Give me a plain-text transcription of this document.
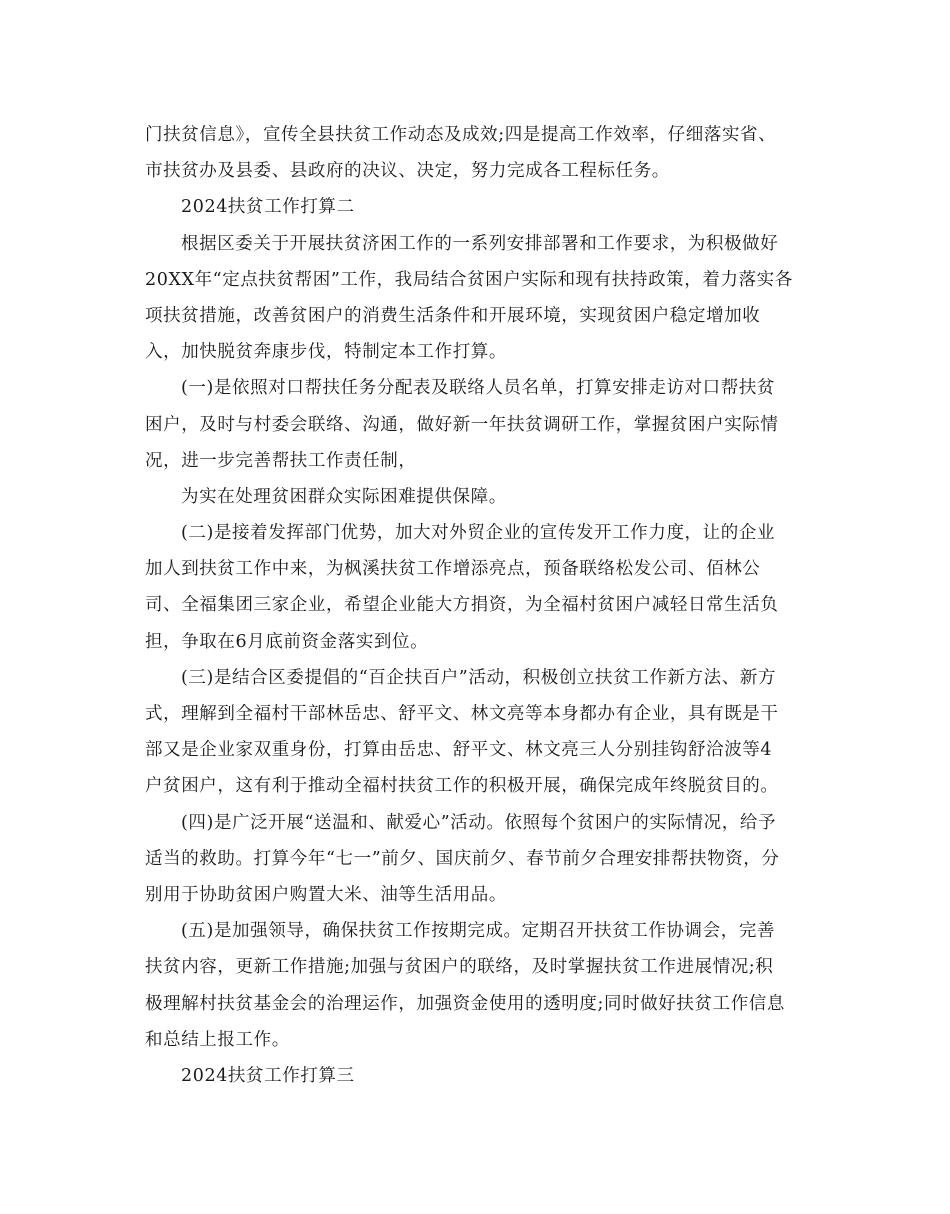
门扶贫信息》，宣传全县扶贫工作动态及成效;四是提高工作效率，仔细落实省、
市扶贫办及县委、县政府的决议、决定，努力完成各工程标任务。
2024扶贫工作打算二
根据区委关于开展扶贫济困工作的一系列安排部署和工作要求，为积极做好
20XX年“定点扶贫帮困”工作，我局结合贫困户实际和现有扶持政策，着力落实各
项扶贫措施，改善贫困户的消费生活条件和开展环境，实现贫困户稳定增加收
入，加快脱贫奔康步伐，特制定本工作打算。
(一)是依照对口帮扶任务分配表及联络人员名单，打算安排走访对口帮扶贫
困户，及时与村委会联络、沟通，做好新一年扶贫调研工作，掌握贫困户实际情
况，进一步完善帮扶工作责任制，
为实在处理贫困群众实际困难提供保障。
(二)是接着发挥部门优势，加大对外贸企业的宣传发开工作力度，让的企业
加人到扶贫工作中来，为枫溪扶贫工作增添亮点，预备联络松发公司、佰林公
司、全福集团三家企业，希望企业能大方捐资，为全福村贫困户减轻日常生活负
担，争取在6月底前资金落实到位。
(三)是结合区委提倡的“百企扶百户”活动，积极创立扶贫工作新方法、新方
式，理解到全福村干部林岳忠、舒平文、林文亮等本身都办有企业，具有既是干
部又是企业家双重身份，打算由岳忠、舒平文、林文亮三人分别挂钩舒洽波等4
户贫困户，这有利于推动全福村扶贫工作的积极开展，确保完成年终脱贫目的。
(四)是广泛开展“送温和、献爱心”活动。依照每个贫困户的实际情况，给予
适当的救助。打算今年“七一”前夕、国庆前夕、春节前夕合理安排帮扶物资，分
别用于协助贫困户购置大米、油等生活用品。
(五)是加强领导，确保扶贫工作按期完成。定期召开扶贫工作协调会，完善
扶贫内容，更新工作措施;加强与贫困户的联络，及时掌握扶贫工作进展情况;积
极理解村扶贫基金会的治理运作，加强资金使用的透明度;同时做好扶贫工作信息
和总结上报工作。
2024扶贫工作打算三
